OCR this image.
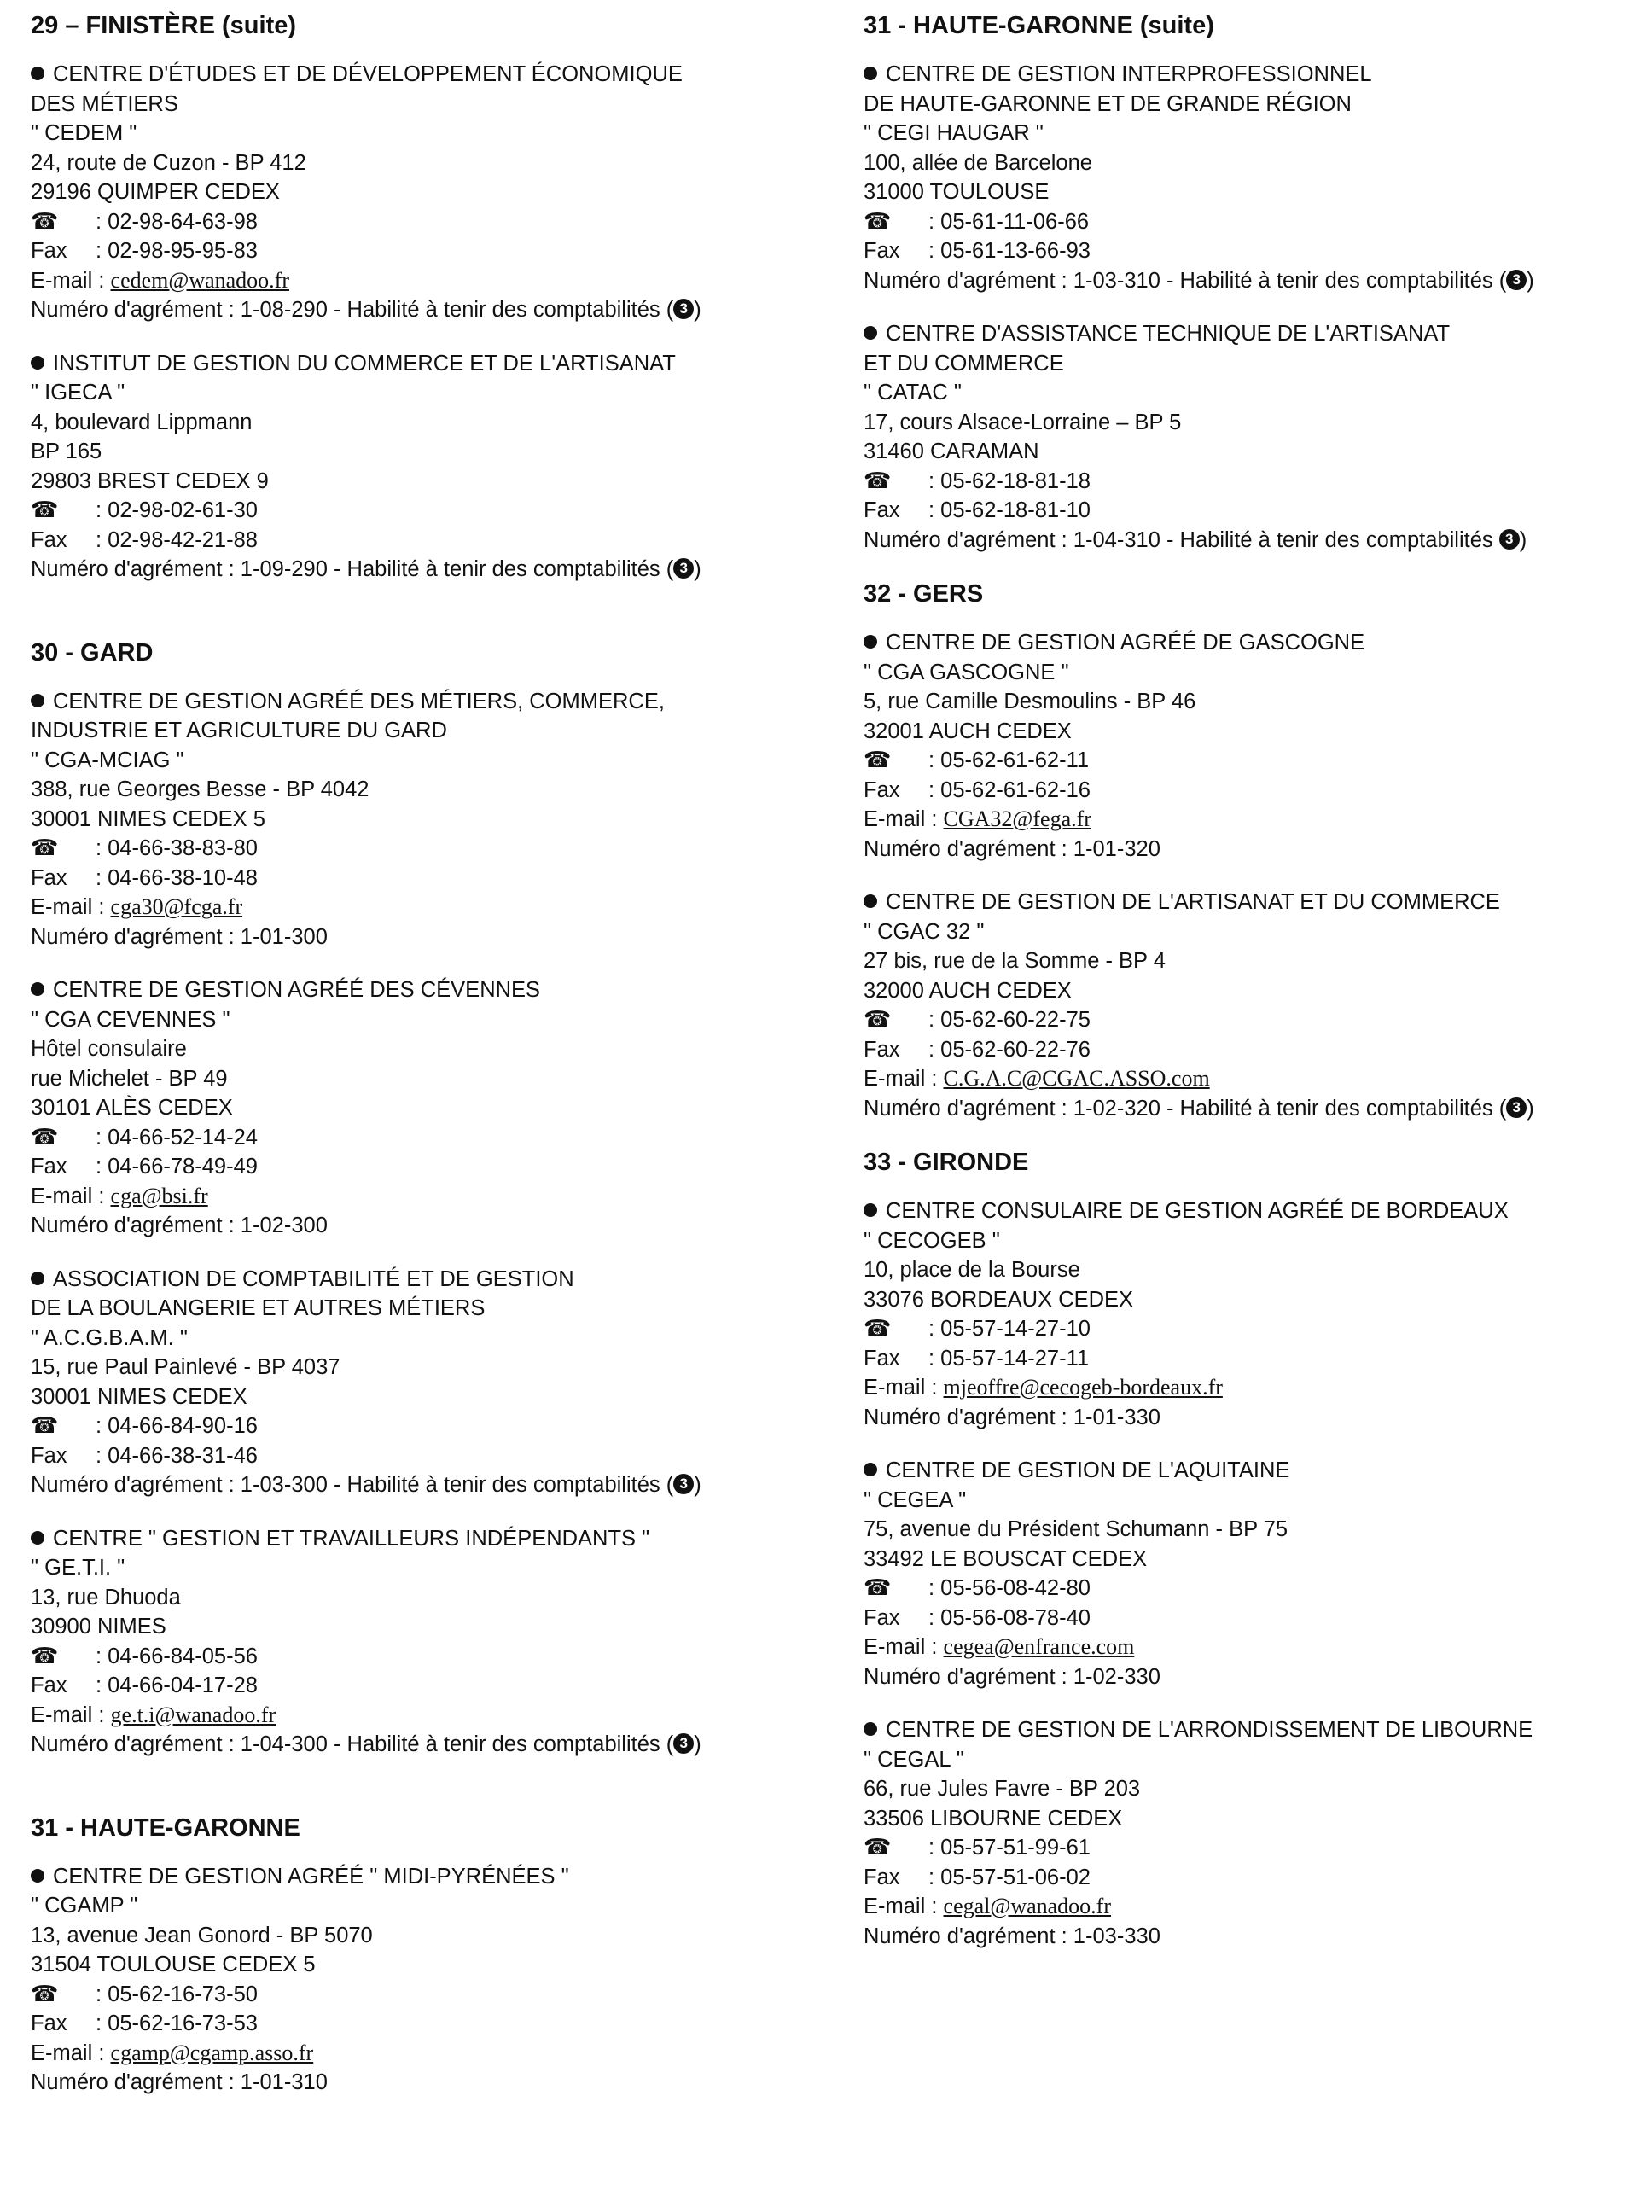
29 – FINISTÈRE (suite)
CENTRE D'ÉTUDES ET DE DÉVELOPPEMENT ÉCONOMIQUE
DES MÉTIERS
" CEDEM "
24, route de Cuzon - BP 412
29196 QUIMPER CEDEX
☎ : 02-98-64-63-98
Fax : 02-98-95-95-83
E-mail : cedem@wanadoo.fr
Numéro d'agrément : 1-08-290 - Habilité à tenir des comptabilités ( 3 )
INSTITUT DE GESTION DU COMMERCE ET DE L'ARTISANAT
" IGECA "
4, boulevard Lippmann
BP 165
29803 BREST CEDEX 9
☎ : 02-98-02-61-30
Fax : 02-98-42-21-88
Numéro d'agrément : 1-09-290 - Habilité à tenir des comptabilités ( 3 )
30 - GARD
CENTRE DE GESTION AGRÉÉ DES MÉTIERS, COMMERCE,
INDUSTRIE ET AGRICULTURE DU GARD
" CGA-MCIAG "
388, rue Georges Besse - BP 4042
30001 NIMES CEDEX 5
☎ : 04-66-38-83-80
Fax : 04-66-38-10-48
E-mail : cga30@fcga.fr
Numéro d'agrément : 1-01-300
CENTRE DE GESTION AGRÉÉ DES CÉVENNES
" CGA CEVENNES "
Hôtel consulaire
rue Michelet - BP 49
30101 ALÈS CEDEX
☎ : 04-66-52-14-24
Fax : 04-66-78-49-49
E-mail : cga@bsi.fr
Numéro d'agrément : 1-02-300
ASSOCIATION DE COMPTABILITÉ ET DE GESTION
DE LA BOULANGERIE ET AUTRES MÉTIERS
" A.C.G.B.A.M. "
15, rue Paul Painlevé - BP 4037
30001 NIMES CEDEX
☎ : 04-66-84-90-16
Fax : 04-66-38-31-46
Numéro d'agrément : 1-03-300 - Habilité à tenir des comptabilités ( 3 )
CENTRE " GESTION ET TRAVAILLEURS INDÉPENDANTS "
" GE.T.I. "
13, rue Dhuoda
30900 NIMES
☎ : 04-66-84-05-56
Fax : 04-66-04-17-28
E-mail : ge.t.i@wanadoo.fr
Numéro d'agrément : 1-04-300 - Habilité à tenir des comptabilités ( 3 )
31 - HAUTE-GARONNE
CENTRE DE GESTION AGRÉÉ " MIDI-PYRÉNÉES "
" CGAMP "
13, avenue Jean Gonord - BP 5070
31504 TOULOUSE CEDEX 5
☎ : 05-62-16-73-50
Fax : 05-62-16-73-53
E-mail : cgamp@cgamp.asso.fr
Numéro d'agrément : 1-01-310
31 - HAUTE-GARONNE (suite)
CENTRE DE GESTION INTERPROFESSIONNEL
DE HAUTE-GARONNE ET DE GRANDE RÉGION
" CEGI HAUGAR "
100, allée de Barcelone
31000 TOULOUSE
☎ : 05-61-11-06-66
Fax : 05-61-13-66-93
Numéro d'agrément : 1-03-310 - Habilité à tenir des comptabilités ( 3 )
CENTRE D'ASSISTANCE TECHNIQUE DE L'ARTISANAT
ET DU COMMERCE
" CATAC "
17, cours Alsace-Lorraine – BP 5
31460 CARAMAN
☎ : 05-62-18-81-18
Fax : 05-62-18-81-10
Numéro d'agrément : 1-04-310 - Habilité à tenir des comptabilités 3 )
32 - GERS
CENTRE DE GESTION AGRÉÉ DE GASCOGNE
" CGA GASCOGNE "
5, rue Camille Desmoulins - BP 46
32001 AUCH CEDEX
☎ : 05-62-61-62-11
Fax : 05-62-61-62-16
E-mail : CGA32@fega.fr
Numéro d'agrément : 1-01-320
CENTRE DE GESTION DE L'ARTISANAT ET DU COMMERCE
" CGAC 32 "
27 bis, rue de la Somme - BP 4
32000 AUCH CEDEX
☎ : 05-62-60-22-75
Fax : 05-62-60-22-76
E-mail : C.G.A.C@CGAC.ASSO.com
Numéro d'agrément : 1-02-320 - Habilité à tenir des comptabilités ( 3 )
33 - GIRONDE
CENTRE CONSULAIRE DE GESTION AGRÉÉ DE BORDEAUX
" CECOGEB "
10, place de la Bourse
33076 BORDEAUX CEDEX
☎ : 05-57-14-27-10
Fax : 05-57-14-27-11
E-mail : mjeoffre@cecogeb-bordeaux.fr
Numéro d'agrément : 1-01-330
CENTRE DE GESTION DE L'AQUITAINE
" CEGEA "
75, avenue du Président Schumann - BP 75
33492 LE BOUSCAT CEDEX
☎ : 05-56-08-42-80
Fax : 05-56-08-78-40
E-mail : cegea@enfrance.com
Numéro d'agrément : 1-02-330
CENTRE DE GESTION DE L'ARRONDISSEMENT DE LIBOURNE
" CEGAL "
66, rue Jules Favre - BP 203
33506 LIBOURNE CEDEX
☎ : 05-57-51-99-61
Fax : 05-57-51-06-02
E-mail : cegal@wanadoo.fr
Numéro d'agrément : 1-03-330
